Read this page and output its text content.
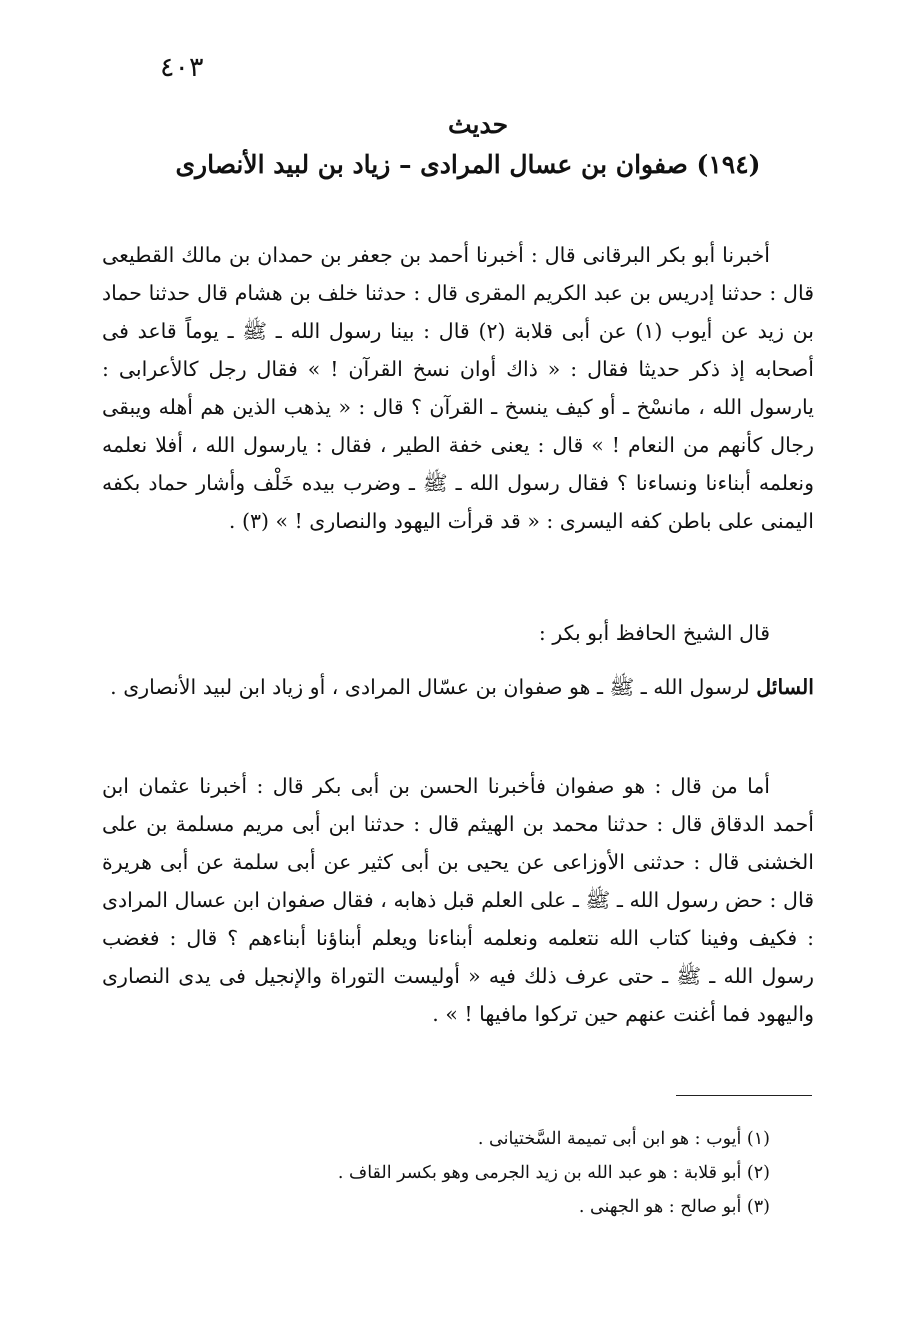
٤٠٣
حديث
(١٩٤) صفوان بن عسال المرادى – زياد بن لبيد الأنصارى

أخبرنا أبو بكر البرقانى قال : أخبرنا أحمد بن جعفر بن حمدان بن مالك القطيعى قال : حدثنا إدريس بن عبد الكريم المقرى قال : حدثنا خلف بن هشام قال حدثنا حماد بن زيد عن أيوب (١) عن أبى قلابة (٢) قال : بينا رسول الله ـ ﷺ ـ يوماً قاعد فى أصحابه إذ ذكر حديثا فقال : « ذاك أوان نسخ القرآن ! » فقال رجل كالأعرابى : يارسول الله ، مانسْخ ـ أو كيف ينسخ ـ القرآن ؟ قال : « يذهب الذين هم أهله ويبقى رجال كأنهم من النعام ! » قال : يعنى خفة الطير ، فقال : يارسول الله ، أفلا نعلمه ونعلمه أبناءنا ونساءنا ؟ فقال رسول الله ـ ﷺ ـ وضرب بيده خَلْف وأشار حماد بكفه اليمنى على باطن كفه اليسرى : « قد قرأت اليهود والنصارى ! » (٣) .

قال الشيخ الحافظ أبو بكر :

السائل لرسول الله ـ ﷺ ـ هو صفوان بن عسّال المرادى ، أو زياد ابن لبيد الأنصارى .

أما من قال : هو صفوان فأخبرنا الحسن بن أبى بكر قال : أخبرنا عثمان ابن أحمد الدقاق قال : حدثنا محمد بن الهيثم قال : حدثنا ابن أبى مريم مسلمة بن على الخشنى قال : حدثنى الأوزاعى عن يحيى بن أبى كثير عن أبى سلمة عن أبى هريرة قال : حض رسول الله ـ ﷺ ـ على العلم قبل ذهابه ، فقال صفوان ابن عسال المرادى : فكيف وفينا كتاب الله نتعلمه ونعلمه أبناءنا ويعلم أبناؤنا أبناءهم ؟ قال : فغضب رسول الله ـ ﷺ ـ حتى عرف ذلك فيه « أوليست التوراة والإنجيل فى يدى النصارى واليهود فما أغنت عنهم حين تركوا مافيها ! » .

(١) أيوب : هو ابن أبى تميمة السَّختيانى .
(٢) أبو قلابة : هو عبد الله بن زيد الجرمى وهو بكسر القاف .
(٣) أبو صالح : هو الجهنى .
